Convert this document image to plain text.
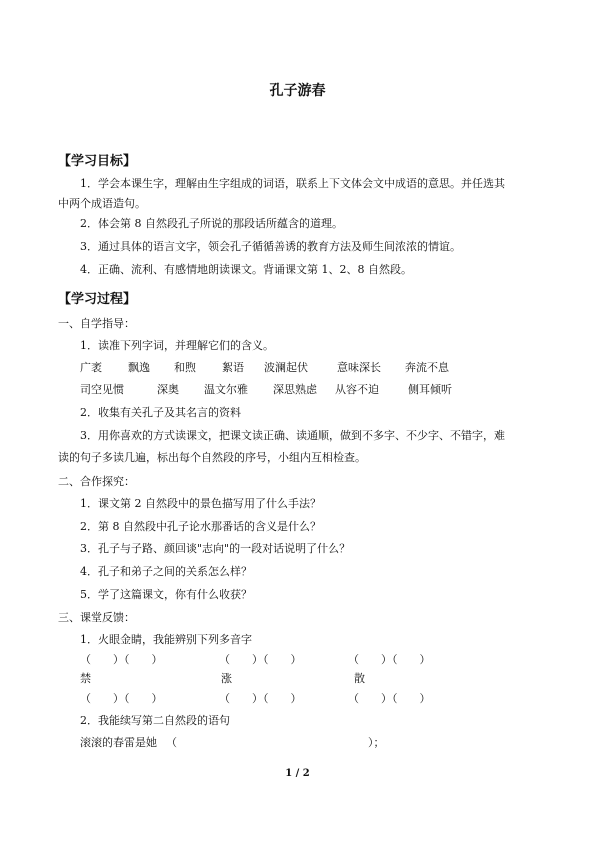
孔子游春
【学习目标】
1．学会本课生字，理解由生字组成的词语，联系上下文体会文中成语的意思。并任选其
中两个成语造句。
2．体会第 8 自然段孔子所说的那段话所蕴含的道理。
3．通过具体的语言文字，领会孔子循循善诱的教育方法及师生间浓浓的情谊。
4．正确、流利、有感情地朗读课文。背诵课文第 1、2、8 自然段。
【学习过程】
一、自学指导：
1．读准下列字词，并理解它们的含义。
广袤 飘逸 和煦 絮语 波澜起伏	意味深长 奔流不息
司空见惯	深奥 温文尔雅 深思熟虑 从容不迫	侧耳倾听
2．收集有关孔子及其名言的资料
3．用你喜欢的方式读课文，把课文读正确、读通顺，做到不多字、不少字、不错字，难
读的句子多读几遍，标出每个自然段的序号，小组内互相检查。
二、合作探究：
1．课文第 2 自然段中的景色描写用了什么手法？
2．第 8 自然段中孔子论水那番话的含义是什么？
3．孔子与子路、颜回谈"志向"的一段对话说明了什么？
4．孔子和弟子之间的关系怎么样？
5．学了这篇课文，你有什么收获？
三、课堂反馈：
1．火眼金睛，我能辨别下列多音字
（　　）（　　）	（　　）（　　）	（　　）（　　）
禁	涨	散
（　　）（　　）	（　　）（　　）	（　　）（　　）
2．我能续写第二自然段的语句
滚滚的春雷是她 （	）；
1 / 2
